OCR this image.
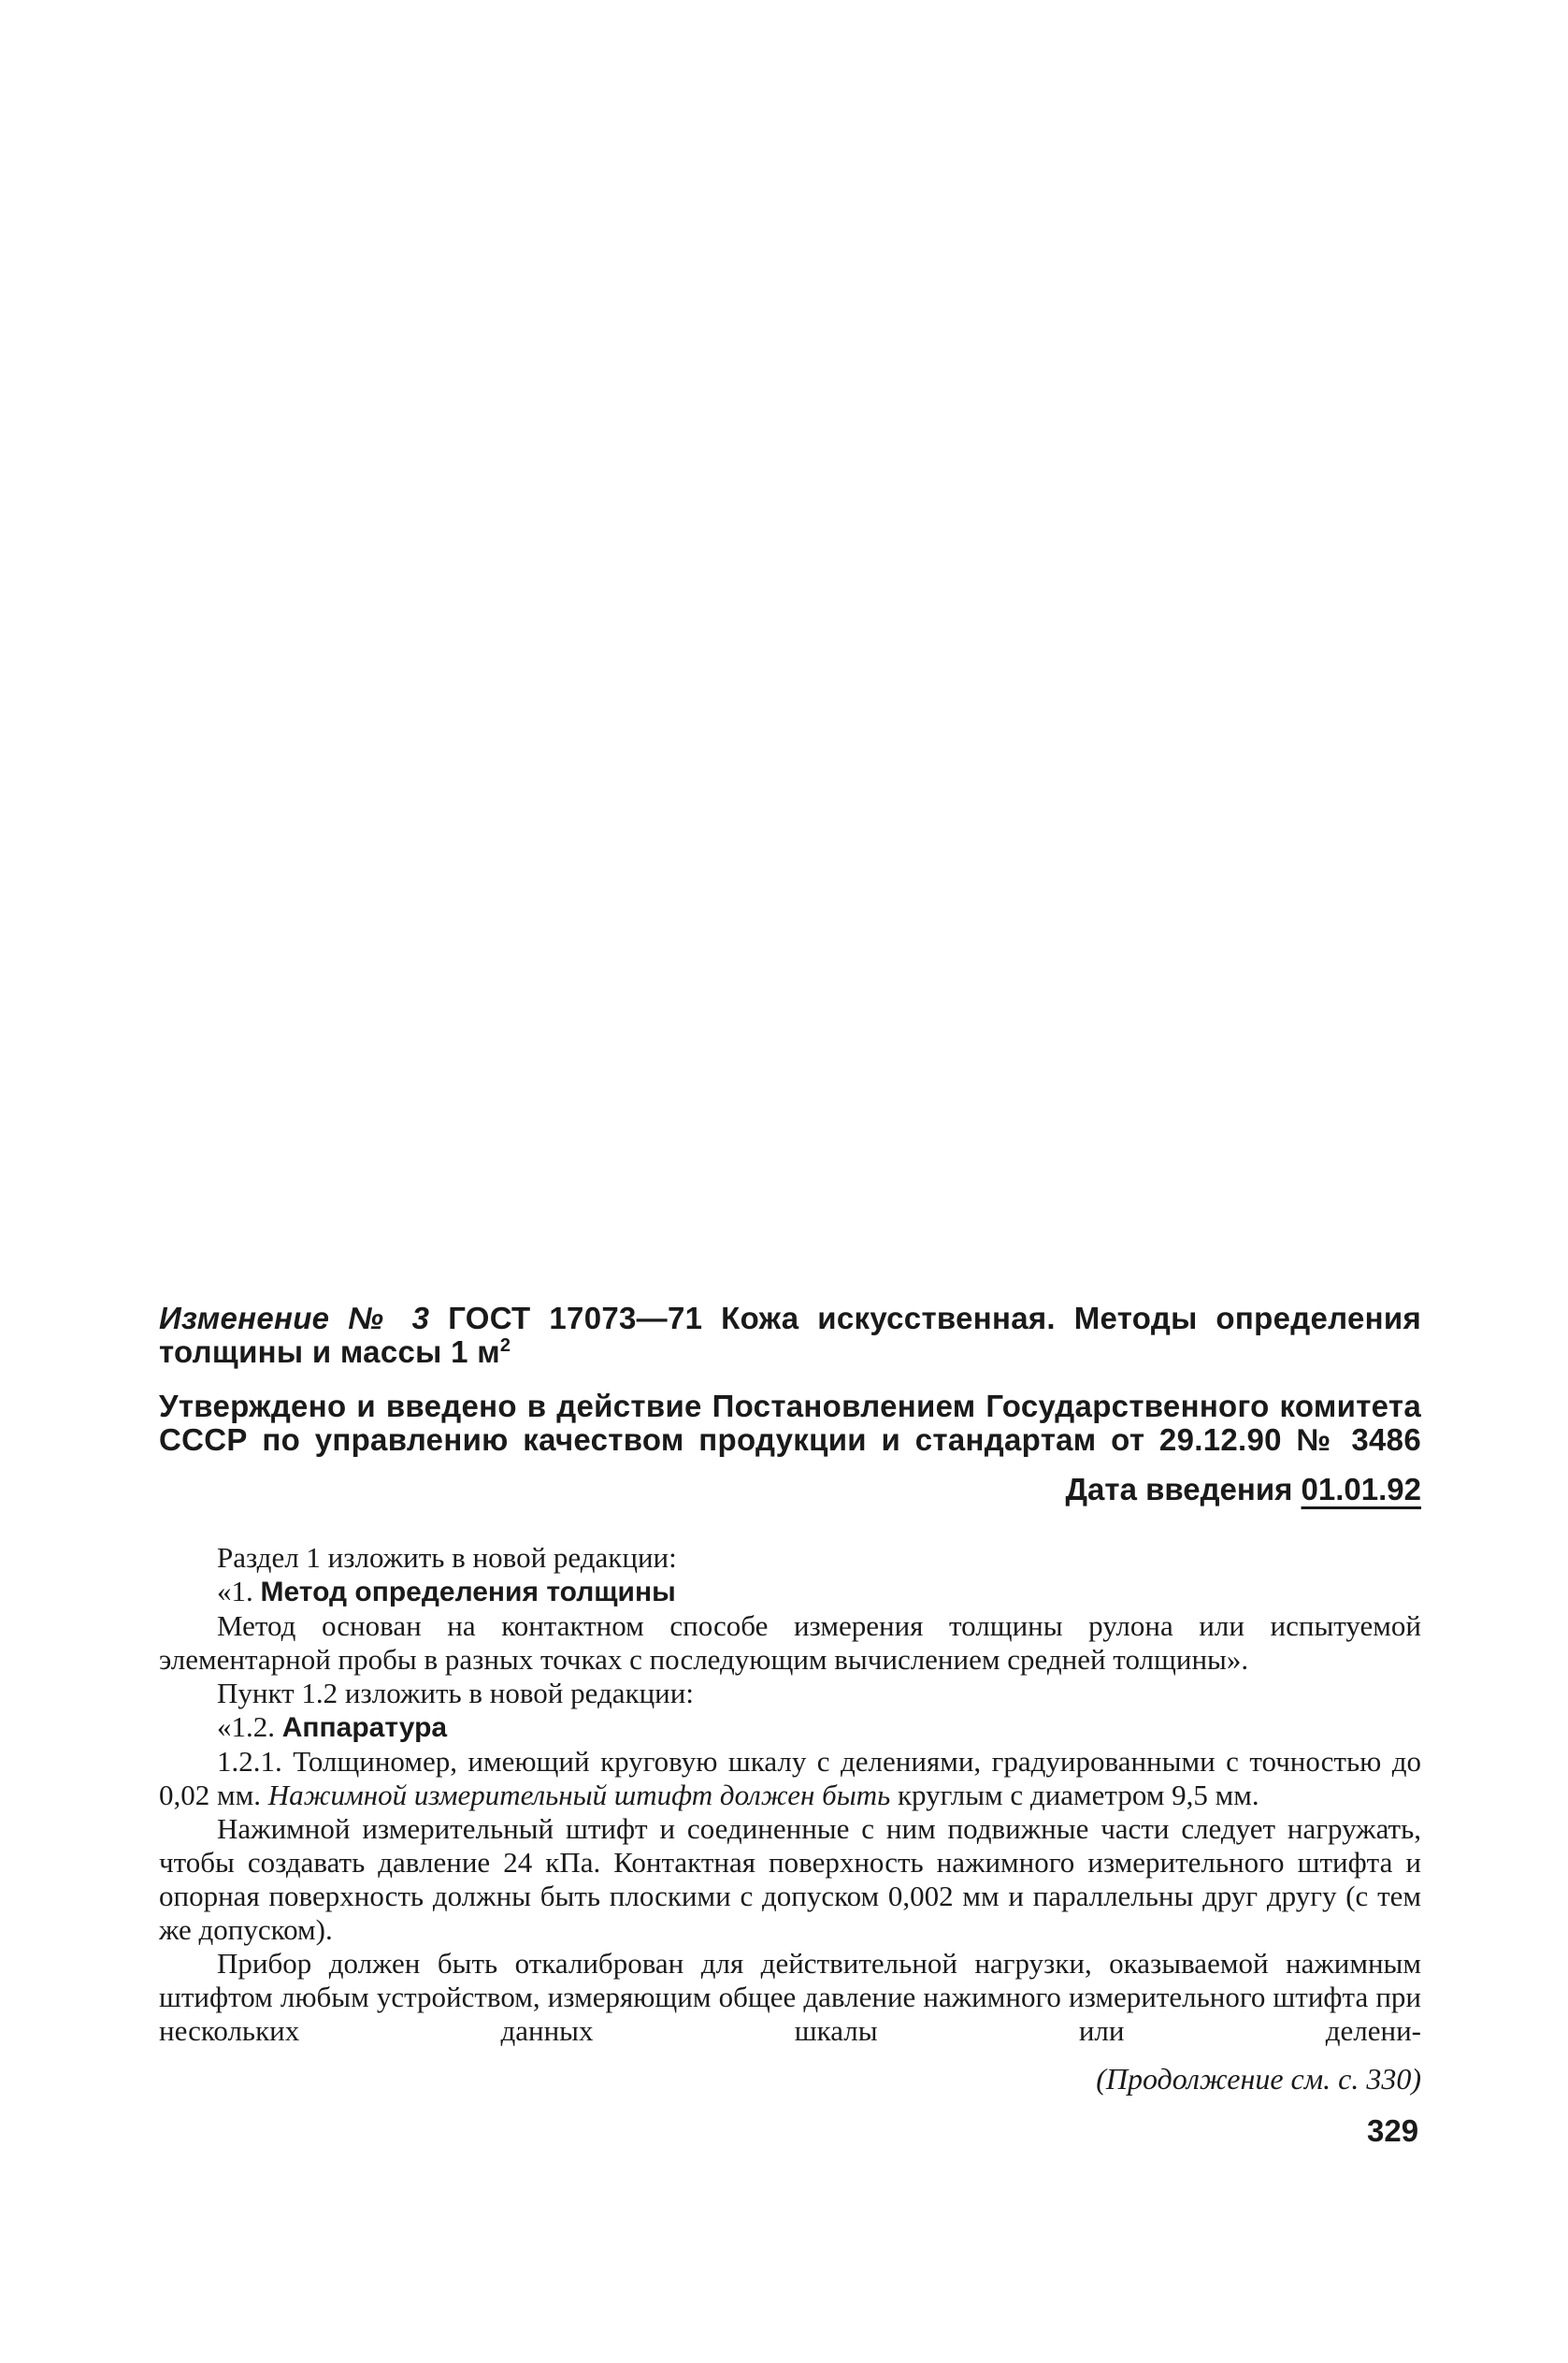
Изменение № 3 ГОСТ 17073—71 Кожа искусственная. Методы определения

толщины и массы 1 $м^2$

Утверждено и введено в действие Постановлением Государственного комитета

СССР по управлению качеством продукции и стандартам от 29.12.90 № 3486

Дата введения 01.01.92

Раздел 1 изложить в новой редакции:

«1. Метод определения толщины

Метод основан на контактном способе измерения толщины рулона или испытуемой элементарной пробы в разных точках с последующим вычислением средней толщины».

Пункт 1.2 изложить в новой редакции:

«1.2. Аппаратура

1.2.1. Толщиномер, имеющий круговую шкалу с делениями, градуированными с точностью до 0,02 мм. Нажимной измерительный штифт должен быть круглым с диаметром 9,5 мм.

Нажимной измерительный штифт и соединенные с ним подвижные части следует нагружать, чтобы создавать давление 24 кПа. Контактная поверхность нажимного измерительного штифта и опорная поверхность должны быть плоскими с допуском 0,002 мм и параллельны друг другу (с тем же допуском).

Прибор должен быть откалиброван для действительной нагрузки, оказываемой нажимным штифтом любым устройством, измеряющим общее давление нажимного измерительного штифта при нескольких данных шкалы или делени-

(Продолжение см. с. 330)
329
